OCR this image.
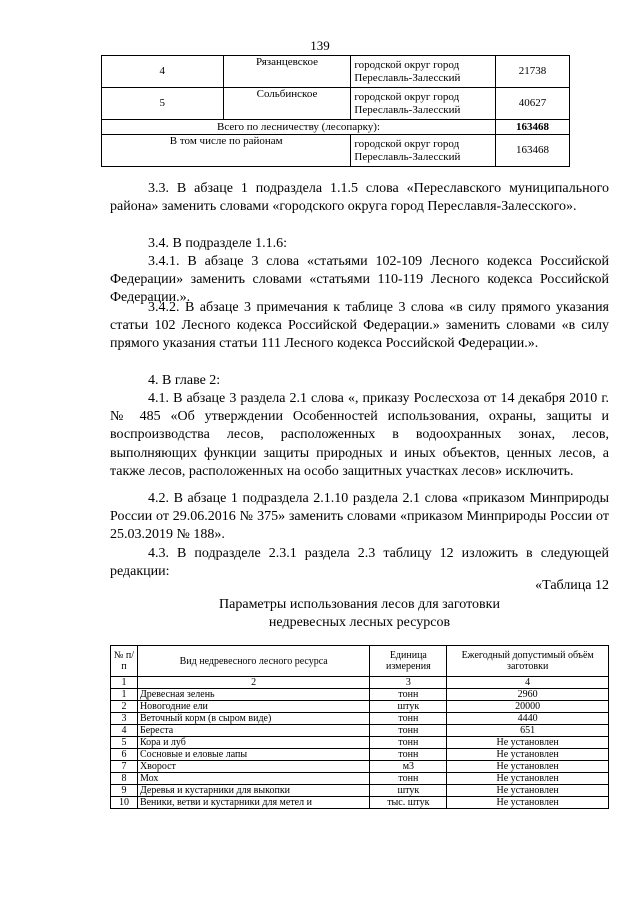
139
4	Рязанцевское	городской округ город Переславль-Залесский	21738
5	Сольбинское	городской округ город Переславль-Залесский	40627
Всего по лесничеству (лесопарку):			163468
В том числе по районам		городской округ город Переславль-Залесский	163468

3.3. В абзаце 1 подраздела 1.1.5 слова «Переславского муниципального района» заменить словами «городского округа город Переславля-Залесского».

3.4. В подразделе 1.1.6:

3.4.1. В абзаце 3 слова «статьями 102-109 Лесного кодекса Российской Федерации» заменить словами «статьями 110-119 Лесного кодекса Российской Федерации.».

3.4.2. В абзаце 3 примечания к таблице 3 слова «в силу прямого указания статьи 102 Лесного кодекса Российской Федерации.» заменить словами «в силу прямого указания статьи 111 Лесного кодекса Российской Федерации.».

4. В главе 2:

4.1. В абзаце 3 раздела 2.1 слова «, приказу Рослесхоза от 14 декабря 2010 г. № 485 «Об утверждении Особенностей использования, охраны, защиты и воспроизводства лесов, расположенных в водоохранных зонах, лесов, выполняющих функции защиты природных и иных объектов, ценных лесов, а также лесов, расположенных на особо защитных участках лесов» исключить.

4.2. В абзаце 1 подраздела 2.1.10 раздела 2.1 слова «приказом Минприроды России от 29.06.2016 № 375» заменить словами «приказом Минприроды России от 25.03.2019 № 188».

4.3. В подразделе 2.3.1 раздела 2.3 таблицу 12 изложить в следующей редакции:

«Таблица 12
Параметры использования лесов для заготовки
недревесных лесных ресурсов
№ п/п	Вид недревесного лесного ресурса	Единица измерения	Ежегодный допустимый объём заготовки
1	2	3	4
1	Древесная зелень	тонн	2960
2	Новогодние ели	штук	20000
3	Веточный корм (в сыром виде)	тонн	4440
4	Береста	тонн	651
5	Кора и луб	тонн	Не установлен
6	Сосновые и еловые лапы	тонн	Не установлен
7	Хворост	м3	Не установлен
8	Мох	тонн	Не установлен
9	Деревья и кустарники для выкопки	штук	Не установлен
10	Веники, ветви и кустарники для метел и	тыс. штук	Не установлен
